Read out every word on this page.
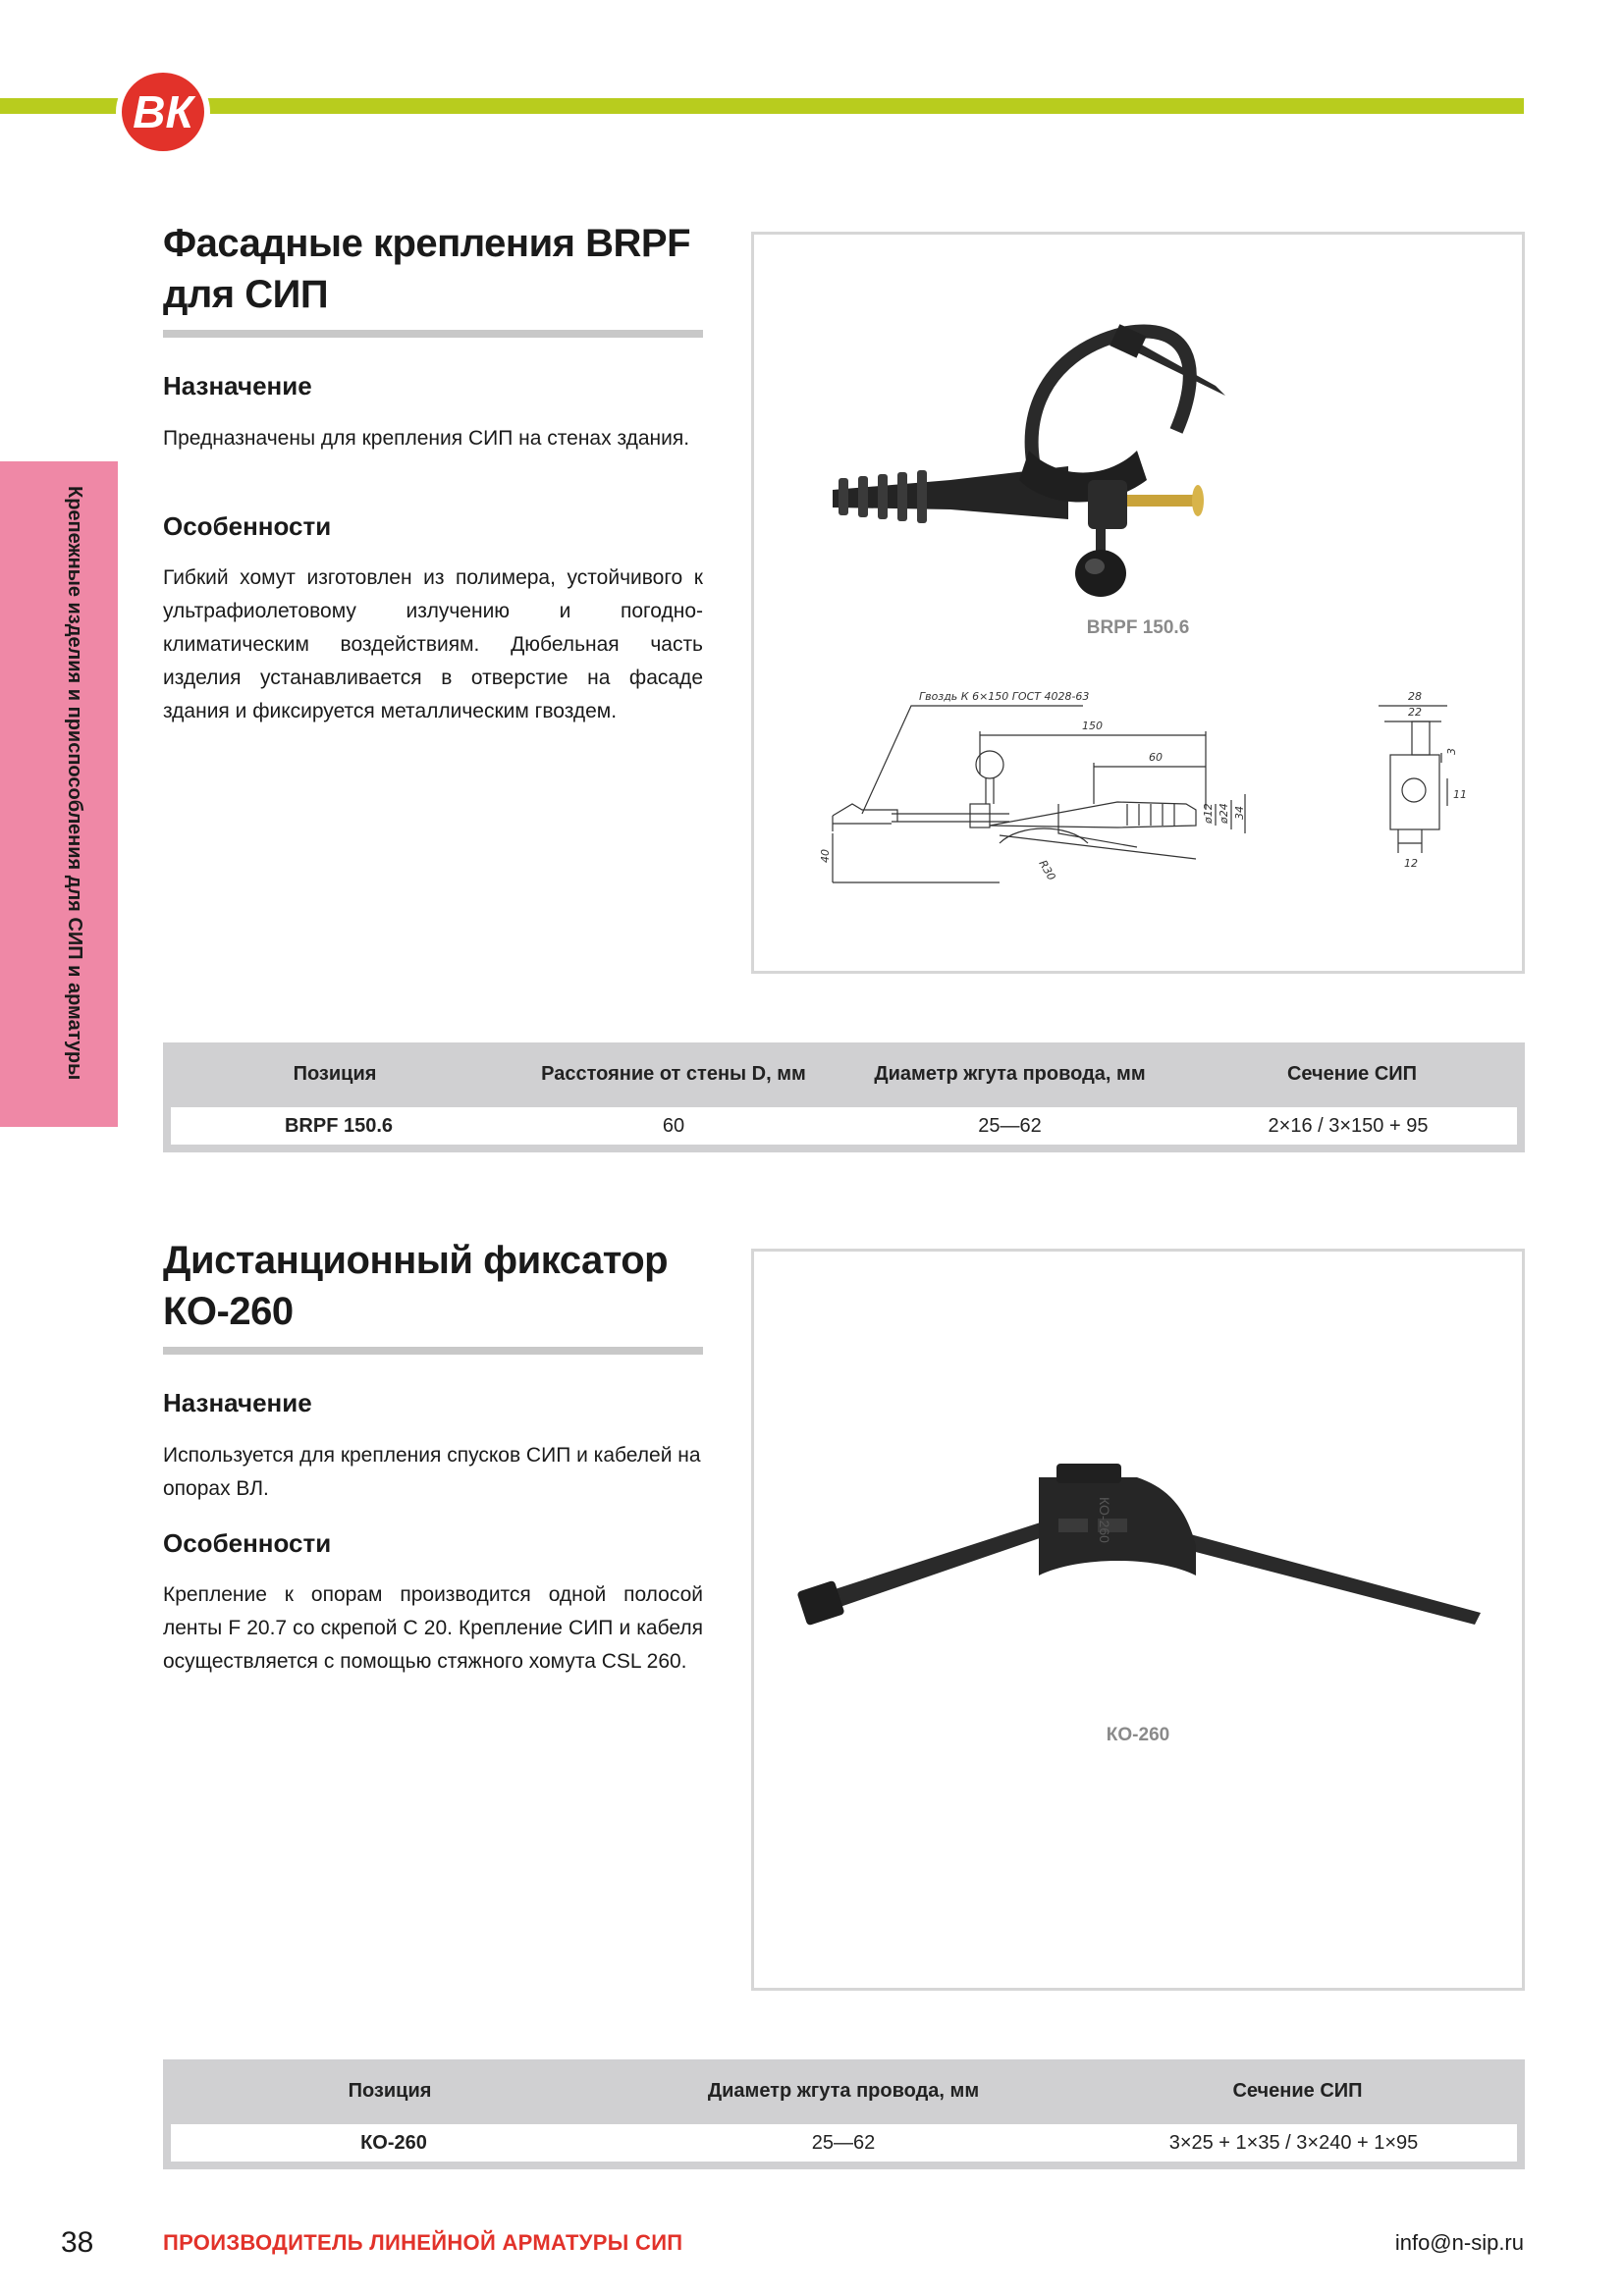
ВК
Крепежные изделия и приспособления для СИП и арматуры
Фасадные крепления BRPF
для СИП
Назначение
Предназначены для крепления СИП на стенах здания.
Особенности
Гибкий хомут изготовлен из полимера, устойчивого к ультрафиолетовому излучению и погодно-климатическим воздействиям. Дюбельная часть изделия устанавливается в отверстие на фасаде здания и фиксируется металлическим гвоздем.
BRPF 150.6
Гвоздь К 6×150 ГОСТ 4028-63
150
60
ø12 ø24 34
40
R30
28
22
3
11
12
Позиция	Расстояние от стены D, мм	Диаметр жгута провода, мм	Сечение СИП
BRPF 150.6	60	25—62	2×16 / 3×150 + 95
Дистанционный фиксатор
КО-260
Назначение
Используется для крепления спусков СИП и кабелей на опорах ВЛ.
Особенности
Крепление к опорам производится одной полосой ленты F 20.7 со скрепой С 20. Крепление СИП и кабеля осуществляется с помощью стяжного хомута CSL 260.
КО-260
КО-260
Позиция	Диаметр жгута провода, мм	Сечение СИП
КО-260	25—62	3×25 + 1×35 / 3×240 + 1×95
38	ПРОИЗВОДИТЕЛЬ ЛИНЕЙНОЙ АРМАТУРЫ СИП	info@n-sip.ru
